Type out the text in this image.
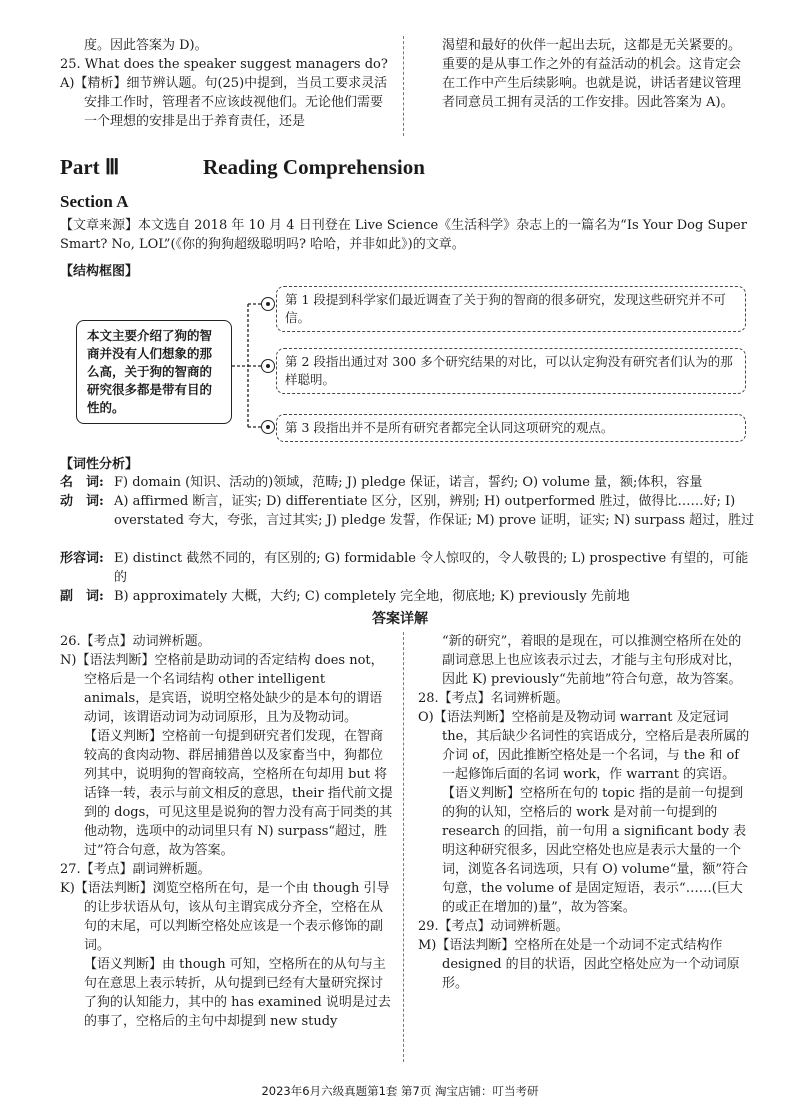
度。因此答案为 D)。

25. What does the speaker suggest managers do?

A)【精析】细节辨认题。句(25)中提到，当员工要求灵活安排工作时，管理者不应该歧视他们。无论他们需要一个理想的安排是出于养育责任，还是

渴望和最好的伙伴一起出去玩，这都是无关紧要的。重要的是从事工作之外的有益活动的机会。这肯定会在工作中产生后续影响。也就是说，讲话者建议管理者同意员工拥有灵活的工作安排。因此答案为 A)。

Part Ⅲ	Reading Comprehension
Section A

【文章来源】本文选自 2018 年 10 月 4 日刊登在 Live Science《生活科学》杂志上的一篇名为“Is Your Dog Super Smart? No, LOL”(《你的狗狗超级聪明吗? 哈哈，并非如此》)的文章。

【结构框图】
本文主要介绍了狗的智商并没有人们想象的那么高，关于狗的智商的研究很多都是带有目的性的。
第 1 段提到科学家们最近调查了关于狗的智商的很多研究，发现这些研究并不可信。
第 2 段指出通过对 300 多个研究结果的对比，可以认定狗没有研究者们认为的那样聪明。
第 3 段指出并不是所有研究者都完全认同这项研究的观点。
【词性分析】
名　词: F) domain (知识、活动的)领域，范畴; J) pledge 保证，诺言，誓约; O) volume 量，额;体积，容量
动　词: A) affirmed 断言，证实; D) differentiate 区分，区别，辨别; H) outperformed 胜过，做得比……好; I) overstated 夸大，夸张，言过其实; J) pledge 发誓，作保证; M) prove 证明，证实; N) surpass 超过，胜过
形容词: E) distinct 截然不同的，有区别的; G) formidable 令人惊叹的，令人敬畏的; L) prospective 有望的，可能的
副　词: B) approximately 大概，大约; C) completely 完全地，彻底地; K) previously 先前地
答案详解

26.【考点】动词辨析题。

N)【语法判断】空格前是助动词的否定结构 does not，空格后是一个名词结构 other intelligent animals，是宾语，说明空格处缺少的是本句的谓语动词，该谓语动词为动词原形，且为及物动词。

【语义判断】空格前一句提到研究者们发现，在智商较高的食肉动物、群居捕猎兽以及家畜当中，狗都位列其中，说明狗的智商较高，空格所在句却用 but 将话锋一转，表示与前文相反的意思，their 指代前文提到的 dogs，可见这里是说狗的智力没有高于同类的其他动物，选项中的动词里只有 N) surpass“超过，胜过”符合句意，故为答案。

27.【考点】副词辨析题。

K)【语法判断】浏览空格所在句，是一个由 though 引导的让步状语从句，该从句主谓宾成分齐全，空格在从句的末尾，可以判断空格处应该是一个表示修饰的副词。

【语义判断】由 though 可知，空格所在的从句与主句在意思上表示转折，从句提到已经有大量研究探讨了狗的认知能力，其中的 has examined 说明是过去的事了，空格后的主句中却提到 new study

“新的研究”，着眼的是现在，可以推测空格所在处的副词意思上也应该表示过去，才能与主句形成对比，因此 K) previously“先前地”符合句意，故为答案。

28.【考点】名词辨析题。

O)【语法判断】空格前是及物动词 warrant 及定冠词 the，其后缺少名词性的宾语成分，空格后是表所属的介词 of，因此推断空格处是一个名词，与 the 和 of 一起修饰后面的名词 work，作 warrant 的宾语。

【语义判断】空格所在句的 topic 指的是前一句提到的狗的认知，空格后的 work 是对前一句提到的 research 的回指，前一句用 a significant body 表明这种研究很多，因此空格处也应是表示大量的一个词，浏览各名词选项，只有 O) volume“量，额”符合句意，the volume of 是固定短语，表示“……(巨大的或正在增加的)量”，故为答案。

29.【考点】动词辨析题。

M)【语法判断】空格所在处是一个动词不定式结构作 designed 的目的状语，因此空格处应为一个动词原形。

2023年6月六级真题第1套 第7页 淘宝店铺：叮当考研
